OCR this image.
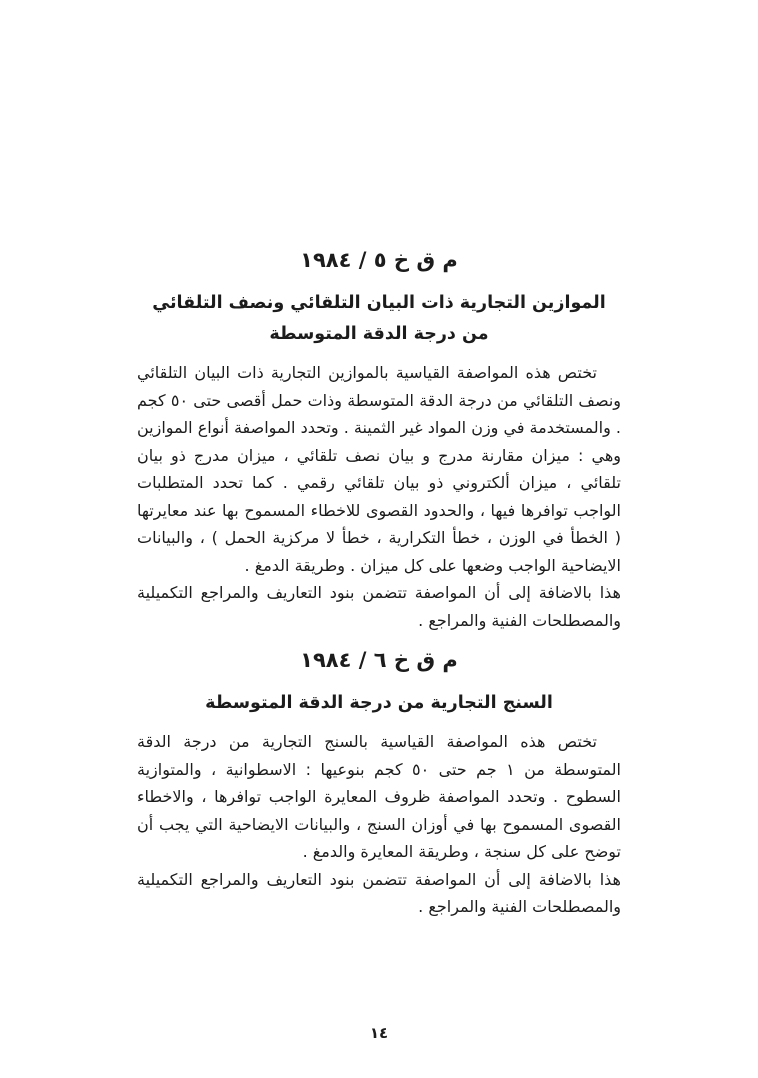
م ق خ ٥ / ١٩٨٤
الموازين التجارية ذات البيان التلقائي ونصف التلقائي من درجة الدقة المتوسطة

تختص هذه المواصفة القياسية بالموازين التجارية ذات البيان التلقائي ونصف التلقائي من درجة الدقة المتوسطة وذات حمل أقصى حتى ٥٠ كجم . والمستخدمة في وزن المواد غير الثمينة . وتحدد المواصفة أنواع الموازين وهي : ميزان مقارنة مدرج و بيان نصف تلقائي ، ميزان مدرج ذو بيان تلقائي ، ميزان ألكتروني ذو بيان تلقائي رقمي . كما تحدد المتطلبات الواجب توافرها فيها ، والحدود القصوى للاخطاء المسموح بها عند معايرتها ( الخطأ في الوزن ، خطأ التكرارية ، خطأ لا مركزية الحمل ) ، والبيانات الايضاحية الواجب وضعها على كل ميزان . وطريقة الدمغ .

هذا بالاضافة إلى أن المواصفة تتضمن بنود التعاريف والمراجع التكميلية والمصطلحات الفنية والمراجع .

م ق خ ٦ / ١٩٨٤
السنج التجارية من درجة الدقة المتوسطة

تختص هذه المواصفة القياسية بالسنج التجارية من درجة الدقة المتوسطة من ١ جم حتى ٥٠ كجم بنوعيها : الاسطوانية ، والمتوازية السطوح . وتحدد المواصفة ظروف المعايرة الواجب توافرها ، والاخطاء القصوى المسموح بها في أوزان السنج ، والبيانات الايضاحية التي يجب أن توضح على كل سنجة ، وطريقة المعايرة والدمغ .

هذا بالاضافة إلى أن المواصفة تتضمن بنود التعاريف والمراجع التكميلية والمصطلحات الفنية والمراجع .

١٤
